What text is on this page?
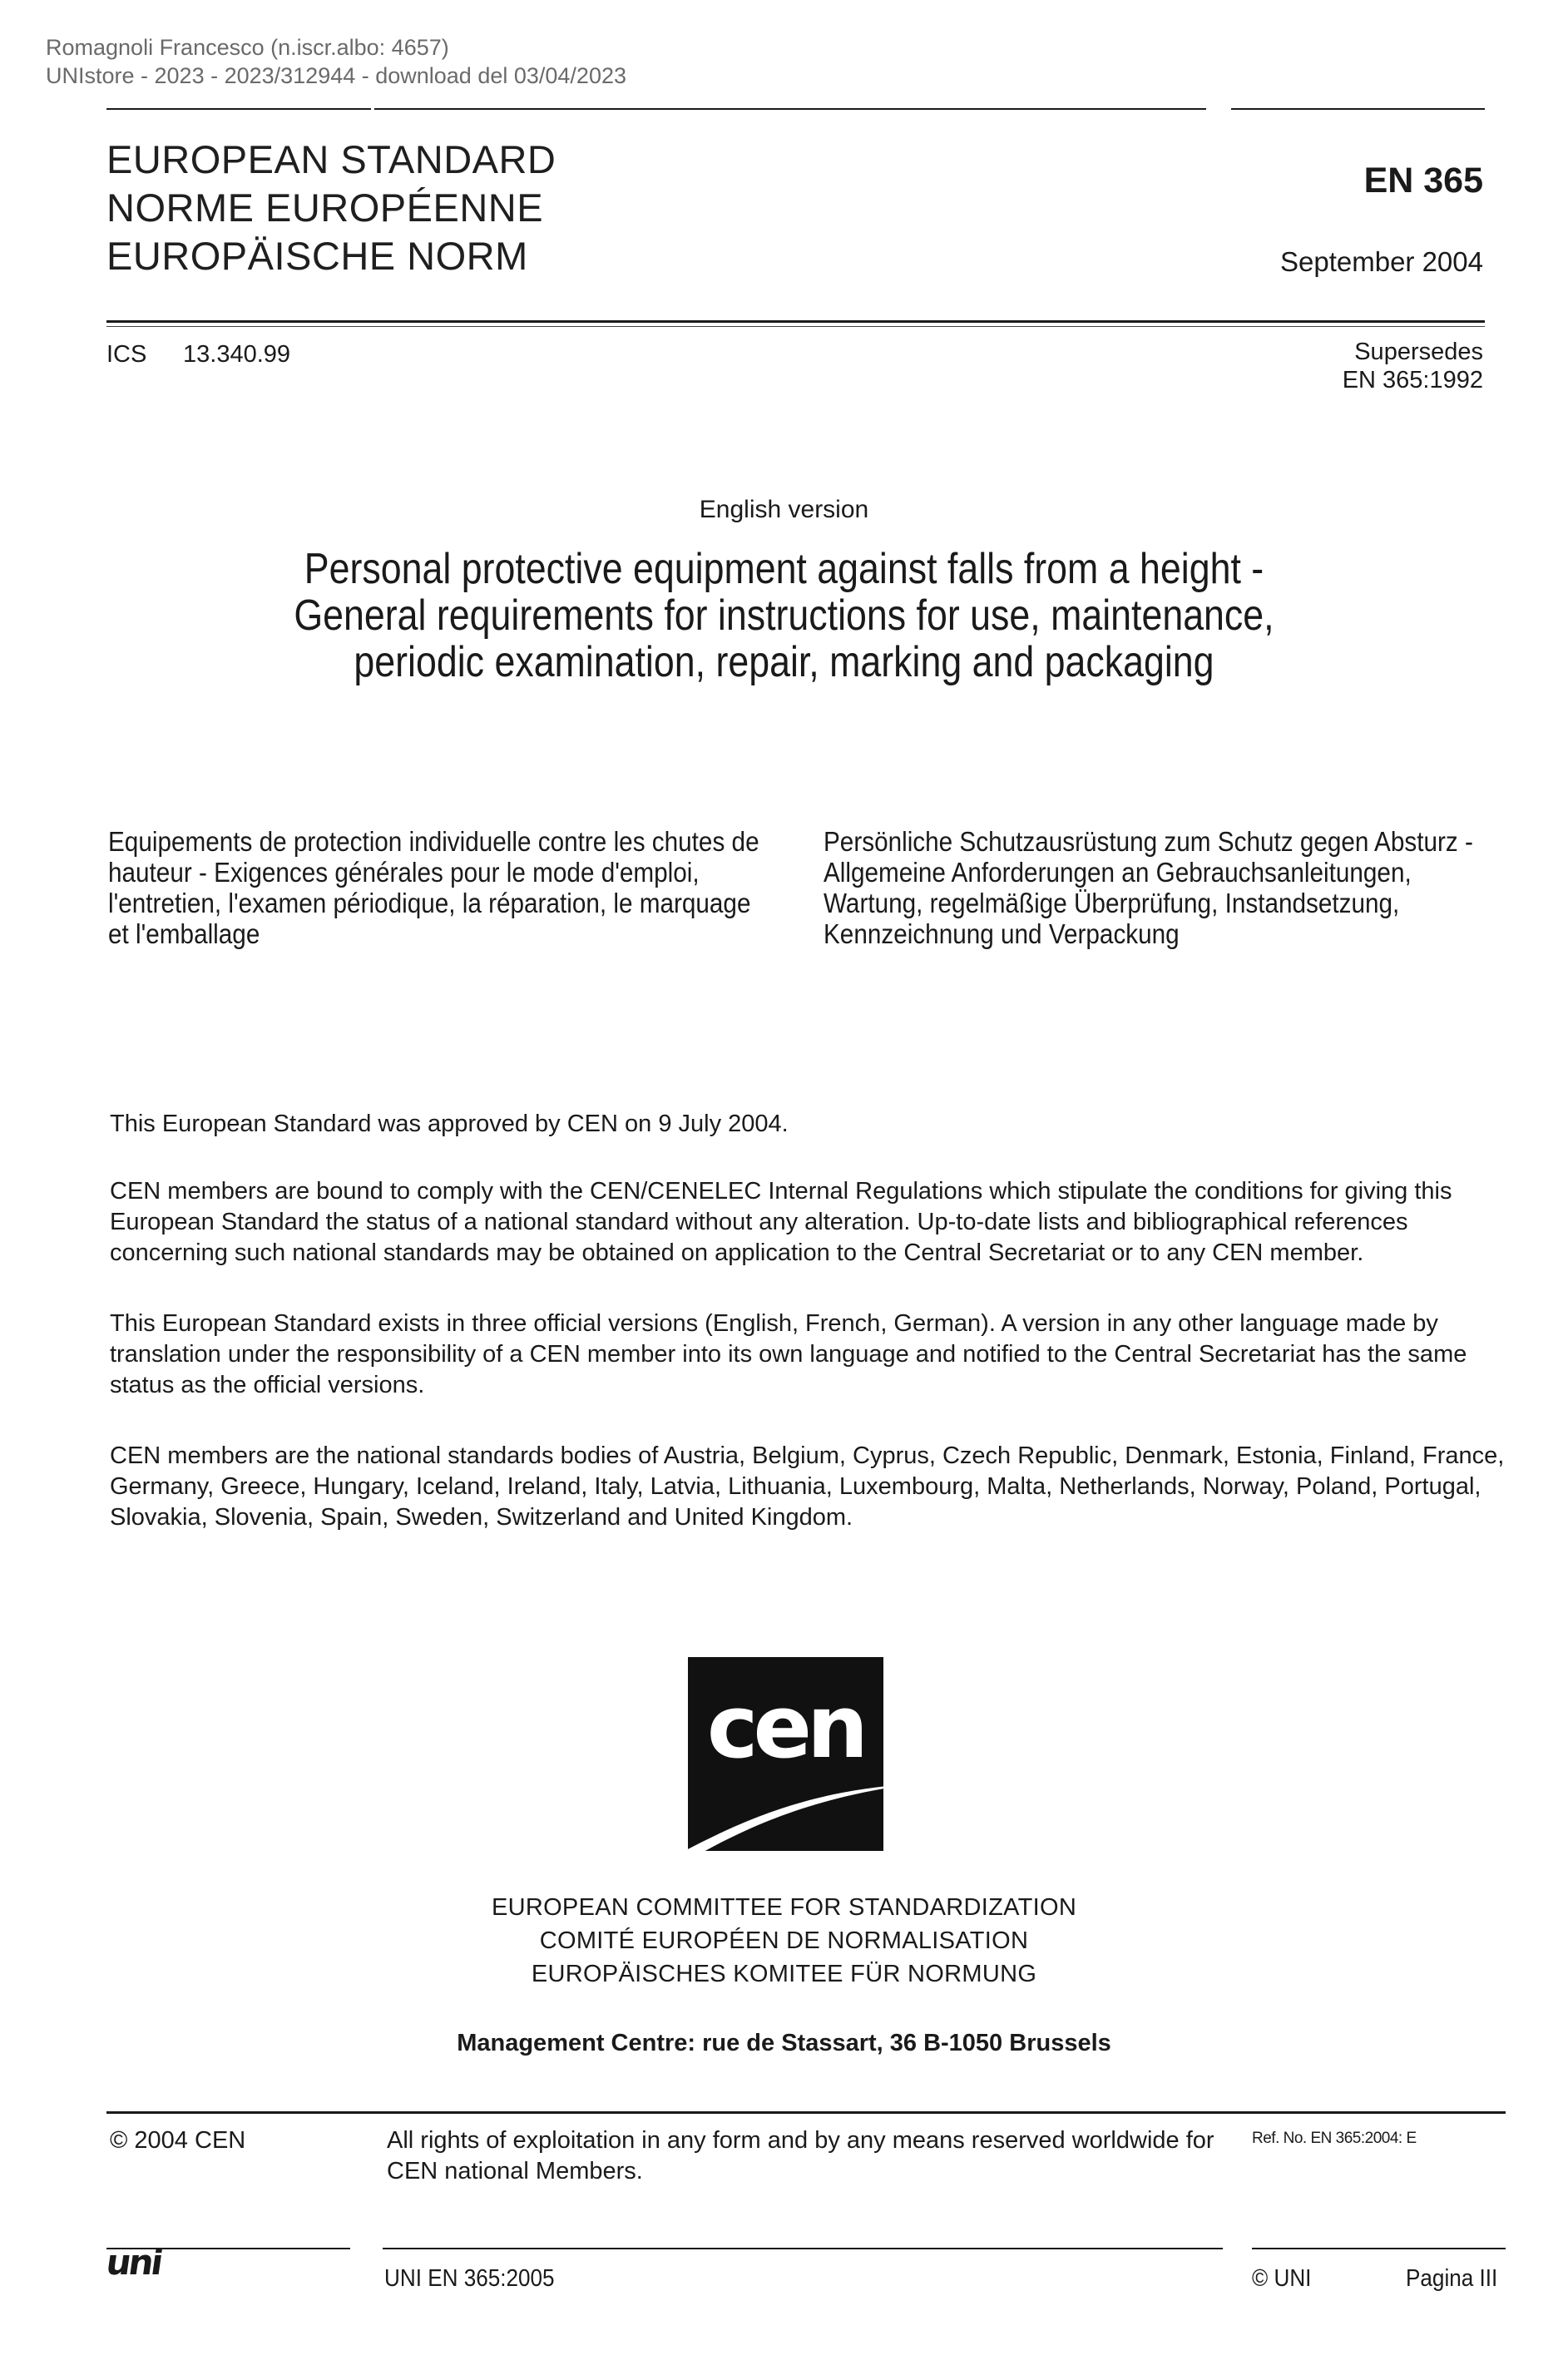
Romagnoli Francesco (n.iscr.albo: 4657)
UNIstore - 2023 - 2023/312944 - download del 03/04/2023
EUROPEAN STANDARD
NORME EUROPÉENNE
EUROPÄISCHE NORM
EN 365
September 2004
ICS 13.340.99	Supersedes
EN 365:1992
English version
Personal protective equipment against falls from a height -
General requirements for instructions for use, maintenance,
periodic examination, repair, marking and packaging
Equipements de protection individuelle contre les chutes de
hauteur - Exigences générales pour le mode d'emploi,
l'entretien, l'examen périodique, la réparation, le marquage
et l'emballage
Persönliche Schutzausrüstung zum Schutz gegen Absturz -
Allgemeine Anforderungen an Gebrauchsanleitungen,
Wartung, regelmäßige Überprüfung, Instandsetzung,
Kennzeichnung und Verpackung
This European Standard was approved by CEN on 9 July 2004.
CEN members are bound to comply with the CEN/CENELEC Internal Regulations which stipulate the conditions for giving this European Standard the status of a national standard without any alteration. Up-to-date lists and bibliographical references concerning such national standards may be obtained on application to the Central Secretariat or to any CEN member.
This European Standard exists in three official versions (English, French, German). A version in any other language made by translation under the responsibility of a CEN member into its own language and notified to the Central Secretariat has the same status as the official versions.
CEN members are the national standards bodies of Austria, Belgium, Cyprus, Czech Republic, Denmark, Estonia, Finland, France, Germany, Greece, Hungary, Iceland, Ireland, Italy, Latvia, Lithuania, Luxembourg, Malta, Netherlands, Norway, Poland, Portugal, Slovakia, Slovenia, Spain, Sweden, Switzerland and United Kingdom.
cen
EUROPEAN COMMITTEE FOR STANDARDIZATION
COMITÉ EUROPÉEN DE NORMALISATION
EUROPÄISCHES KOMITEE FÜR NORMUNG
Management Centre: rue de Stassart, 36 B-1050 Brussels
© 2004 CEN	All rights of exploitation in any form and by any means reserved worldwide for CEN national Members.
Ref. No. EN 365:2004: E
uni	UNI EN 365:2005	© UNI	Pagina III
